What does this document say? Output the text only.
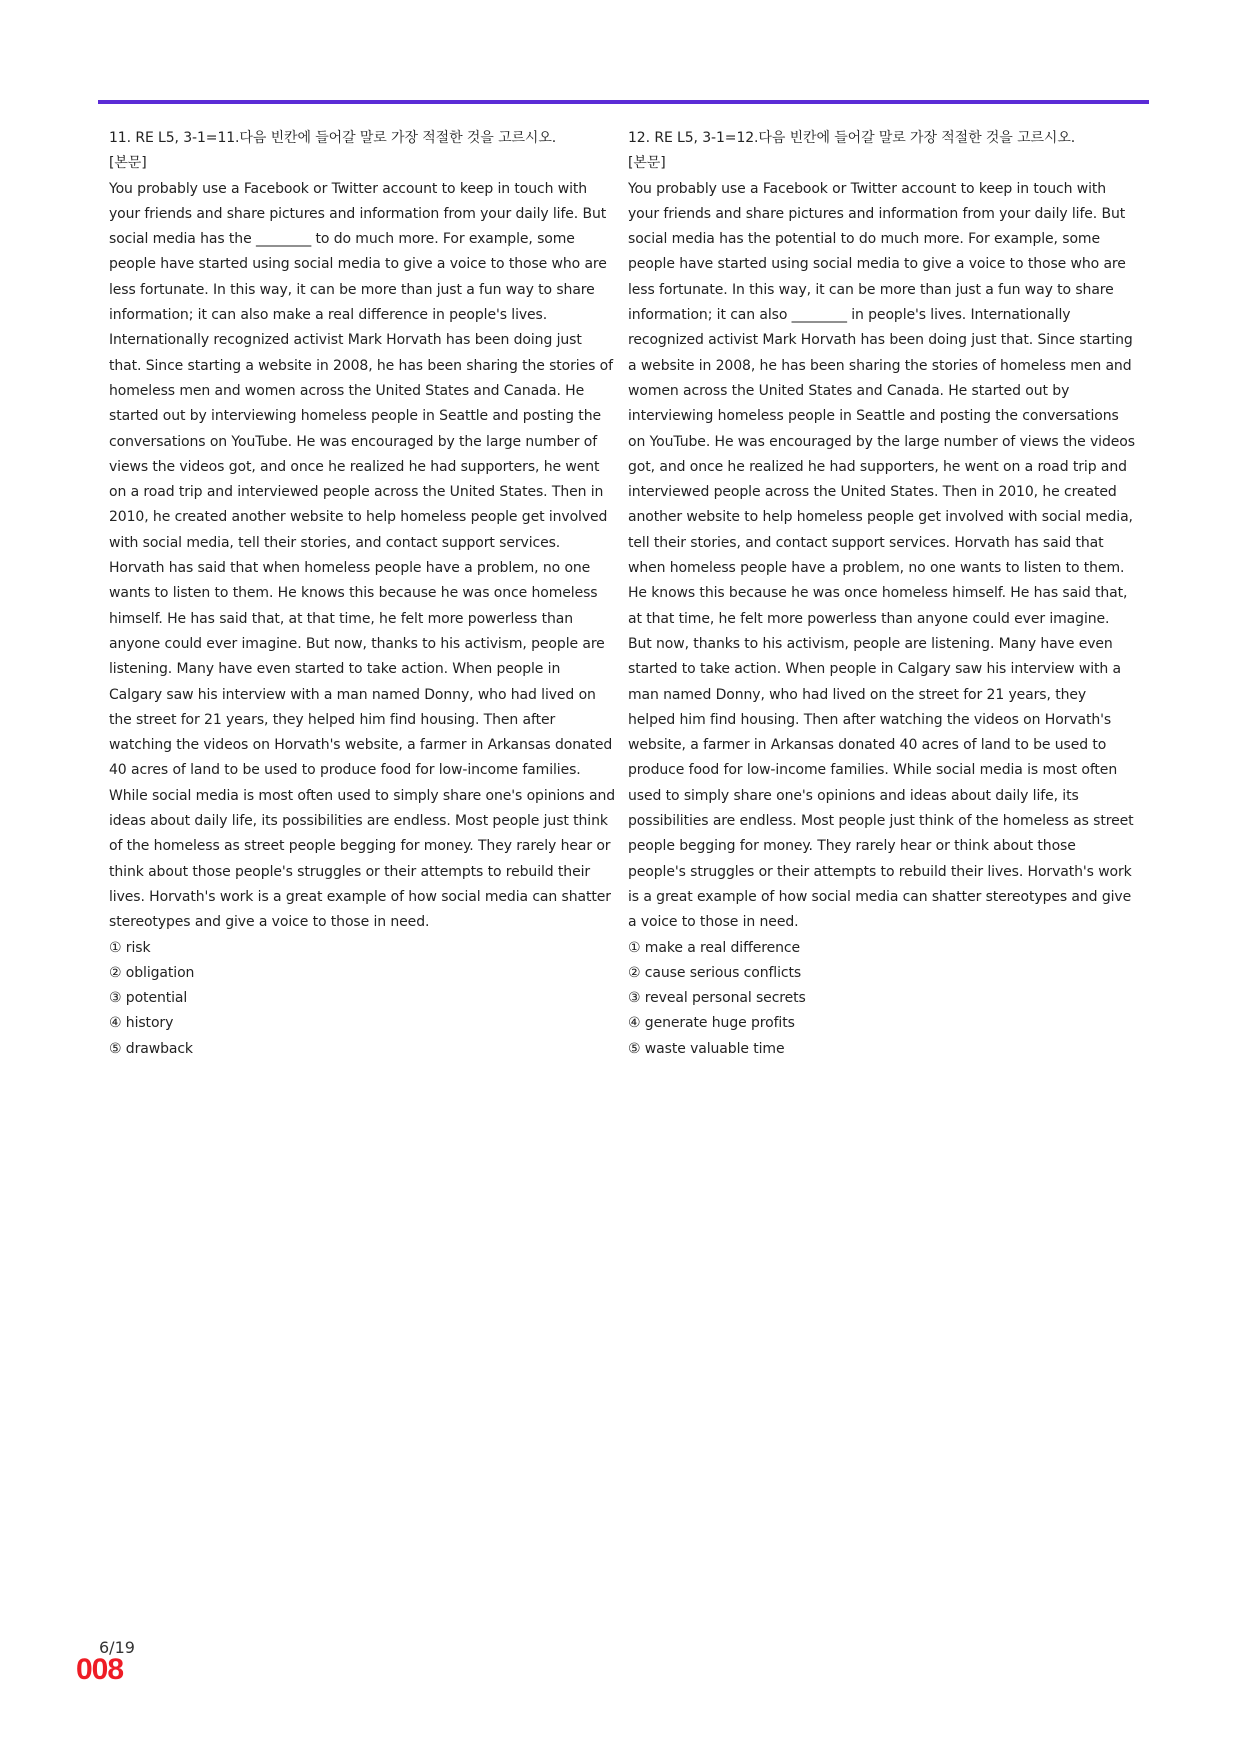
11. RE L5, 3-1=11.다음 빈칸에 들어갈 말로 가장 적절한 것을 고르시오.
[본문]

You probably use a Facebook or Twitter account to keep in touch with your friends and share pictures and information from your daily life. But social media has the ________ to do much more. For example, some people have started using social media to give a voice to those who are less fortunate. In this way, it can be more than just a fun way to share information; it can also make a real difference in people's lives. Internationally recognized activist Mark Horvath has been doing just that. Since starting a website in 2008, he has been sharing the stories of homeless men and women across the United States and Canada. He started out by interviewing homeless people in Seattle and posting the conversations on YouTube. He was encouraged by the large number of views the videos got, and once he realized he had supporters, he went on a road trip and interviewed people across the United States. Then in 2010, he created another website to help homeless people get involved with social media, tell their stories, and contact support services. Horvath has said that when homeless people have a problem, no one wants to listen to them. He knows this because he was once homeless himself. He has said that, at that time, he felt more powerless than anyone could ever imagine. But now, thanks to his activism, people are listening. Many have even started to take action. When people in Calgary saw his interview with a man named Donny, who had lived on the street for 21 years, they helped him find housing. Then after watching the videos on Horvath's website, a farmer in Arkansas donated 40 acres of land to be used to produce food for low-income families. While social media is most often used to simply share one's opinions and ideas about daily life, its possibilities are endless. Most people just think of the homeless as street people begging for money. They rarely hear or think about those people's struggles or their attempts to rebuild their lives. Horvath's work is a great example of how social media can shatter stereotypes and give a voice to those in need.

① risk
② obligation
③ potential
④ history
⑤ drawback
12. RE L5, 3-1=12.다음 빈칸에 들어갈 말로 가장 적절한 것을 고르시오.
[본문]

You probably use a Facebook or Twitter account to keep in touch with your friends and share pictures and information from your daily life. But social media has the potential to do much more. For example, some people have started using social media to give a voice to those who are less fortunate. In this way, it can be more than just a fun way to share information; it can also ________ in people's lives. Internationally recognized activist Mark Horvath has been doing just that. Since starting a website in 2008, he has been sharing the stories of homeless men and women across the United States and Canada. He started out by interviewing homeless people in Seattle and posting the conversations on YouTube. He was encouraged by the large number of views the videos got, and once he realized he had supporters, he went on a road trip and interviewed people across the United States. Then in 2010, he created another website to help homeless people get involved with social media, tell their stories, and contact support services. Horvath has said that when homeless people have a problem, no one wants to listen to them. He knows this because he was once homeless himself. He has said that, at that time, he felt more powerless than anyone could ever imagine. But now, thanks to his activism, people are listening. Many have even started to take action. When people in Calgary saw his interview with a man named Donny, who had lived on the street for 21 years, they helped him find housing. Then after watching the videos on Horvath's website, a farmer in Arkansas donated 40 acres of land to be used to produce food for low-income families. While social media is most often used to simply share one's opinions and ideas about daily life, its possibilities are endless. Most people just think of the homeless as street people begging for money. They rarely hear or think about those people's struggles or their attempts to rebuild their lives. Horvath's work is a great example of how social media can shatter stereotypes and give a voice to those in need.

① make a real difference
② cause serious conflicts
③ reveal personal secrets
④ generate huge profits
⑤ waste valuable time
6/19
008
